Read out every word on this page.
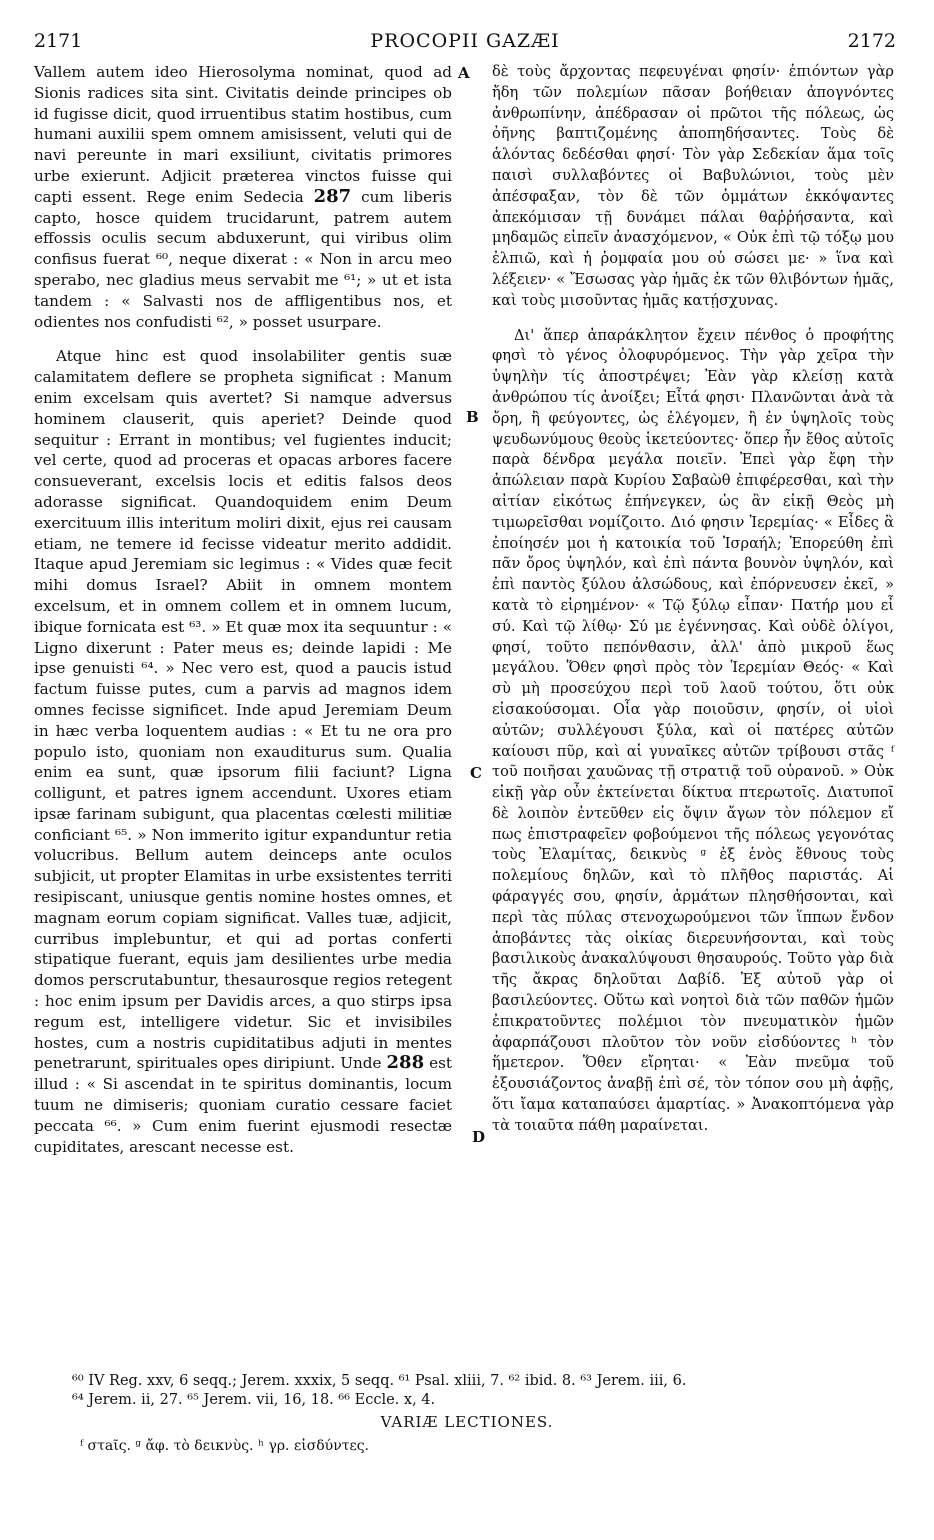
2171	PROCOPII GAZÆI	2172

Vallem autem ideo Hierosolyma nominat, quod ad Sionis radices sita sint. Civitatis deinde principes ob id fugisse dicit, quod irruentibus statim hostibus, cum humani auxilii spem omnem amisissent, veluti qui de navi pereunte in mari exsiliunt, civitatis primores urbe exierunt. Adjicit præterea vinctos fuisse qui capti essent. Rege enim Sedecia 287 cum liberis capto, hosce quidem trucidarunt, patrem autem effossis oculis secum abduxerunt, qui viribus olim confisus fuerat ⁶⁰, neque dixerat : « Non in arcu meo sperabo, nec gladius meus servabit me ⁶¹; » ut et ista tandem : « Salvasti nos de affligentibus nos, et odientes nos confudisti ⁶², » posset usurpare.

Atque hinc est quod insolabiliter gentis suæ calamitatem deflere se propheta significat : Manum enim excelsam quis avertet? Si namque adversus hominem clauserit, quis aperiet? Deinde quod sequitur : Errant in montibus; vel fugientes inducit; vel certe, quod ad proceras et opacas arbores facere consueverant, excelsis locis et editis falsos deos adorasse significat. Quandoquidem enim Deum exercituum illis interitum moliri dixit, ejus rei causam etiam, ne temere id fecisse videatur merito addidit. Itaque apud Jeremiam sic legimus : « Vides quæ fecit mihi domus Israel? Abiit in omnem montem excelsum, et in omnem collem et in omnem lucum, ibique fornicata est ⁶³. » Et quæ mox ita sequuntur : « Ligno dixerunt : Pater meus es; deinde lapidi : Me ipse genuisti ⁶⁴. » Nec vero est, quod a paucis istud factum fuisse putes, cum a parvis ad magnos idem omnes fecisse significet. Inde apud Jeremiam Deum in hæc verba loquentem audias : « Et tu ne ora pro populo isto, quoniam non exauditurus sum. Qualia enim ea sunt, quæ ipsorum filii faciunt? Ligna colligunt, et patres ignem accendunt. Uxores etiam ipsæ farinam subigunt, qua placentas cœlesti militiæ conficiant ⁶⁵. » Non immerito igitur expanduntur retia volucribus. Bellum autem deinceps ante oculos subjicit, ut propter Elamitas in urbe exsistentes territi resipiscant, uniusque gentis nomine hostes omnes, et magnam eorum copiam significat. Valles tuæ, adjicit, curribus implebuntur, et qui ad portas conferti stipatique fuerant, equis jam desilientes urbe media domos perscrutabuntur, thesaurosque regios retegent : hoc enim ipsum per Davidis arces, a quo stirps ipsa regum est, intelligere videtur. Sic et invisibiles hostes, cum a nostris cupiditatibus adjuti in mentes penetrarunt, spirituales opes diripiunt. Unde 288 est illud : « Si ascendat in te spiritus dominantis, locum tuum ne dimiseris; quoniam curatio cessare faciet peccata ⁶⁶. » Cum enim fuerint ejusmodi resectæ cupiditates, arescant necesse est.

A
B
C
D

δὲ τοὺς ἄρχοντας πεφευγέναι φησίν· ἐπιόντων γὰρ ἤδη τῶν πολεμίων πᾶσαν βοήθειαν ἀπογνόντες ἀνθρωπίνην, ἀπέδρασαν οἱ πρῶτοι τῆς πόλεως, ὡς ὀῆνης βαπτιζομένης ἀποπηδήσαντες. Τοὺς δὲ ἁλόντας δεδέσθαι φησί· Τὸν γὰρ Σεδεκίαν ἅμα τοῖς παισὶ συλλαβόντες οἱ Βαβυλώνιοι, τοὺς μὲν ἀπέσφαξαν, τὸν δὲ τῶν ὀμμάτων ἐκκόψαντες ἀπεκόμισαν τῇ δυνάμει πάλαι θαῤῥήσαντα, καὶ μηδαμῶς εἰπεῖν ἀνασχόμενον, « Οὐκ ἐπὶ τῷ τόξῳ μου ἐλπιῶ, καὶ ἡ ῥομφαία μου οὐ σώσει με· » ἵνα καὶ λέξειεν· « Ἔσωσας γὰρ ἡμᾶς ἐκ τῶν θλιβόντων ἡμᾶς, καὶ τοὺς μισοῦντας ἡμᾶς κατῄσχυνας.

Δι' ἅπερ ἀπαράκλητον ἔχειν πένθος ὁ προφήτης φησὶ τὸ γένος ὀλοφυρόμενος. Τὴν γὰρ χεῖρα τὴν ὑψηλὴν τίς ἀποστρέψει; Ἐὰν γὰρ κλείσῃ κατὰ ἀνθρώπου τίς ἀνοίξει; Εἶτά φησι· Πλανῶνται ἀνὰ τὰ ὄρη, ἢ φεύγοντες, ὡς ἐλέγομεν, ἢ ἐν ὑψηλοῖς τοὺς ψευδωνύμους θεοὺς ἱκετεύοντες· ὅπερ ἦν ἔθος αὐτοῖς παρὰ δένδρα μεγάλα ποιεῖν. Ἐπεὶ γὰρ ἔφη τὴν ἀπώλειαν παρὰ Κυρίου Σαβαὼθ ἐπιφέρεσθαι, καὶ τὴν αἰτίαν εἰκότως ἐπήνεγκεν, ὡς ἂν εἰκῇ Θεὸς μὴ τιμωρεῖσθαι νομίζοιτο. Διό φησιν Ἱερεμίας· « Εἶδες ἃ ἐποίησέν μοι ἡ κατοικία τοῦ Ἰσραήλ; Ἐπορεύθη ἐπὶ πᾶν ὄρος ὑψηλόν, καὶ ἐπὶ πάντα βουνὸν ὑψηλόν, καὶ ἐπὶ παντὸς ξύλου ἀλσώδους, καὶ ἐπόρνευσεν ἐκεῖ, » κατὰ τὸ εἰρημένον· « Τῷ ξύλῳ εἶπαν· Πατήρ μου εἶ σύ. Καὶ τῷ λίθῳ· Σύ με ἐγέννησας. Καὶ οὐδὲ ὀλίγοι, φησί, τοῦτο πεπόνθασιν, ἀλλ' ἀπὸ μικροῦ ἕως μεγάλου. Ὅθεν φησὶ πρὸς τὸν Ἱερεμίαν Θεός· « Καὶ σὺ μὴ προσεύχου περὶ τοῦ λαοῦ τούτου, ὅτι οὐκ εἰσακούσομαι. Οἷα γὰρ ποιοῦσιν, φησίν, οἱ υἱοὶ αὐτῶν; συλλέγουσι ξύλα, καὶ οἱ πατέρες αὐτῶν καίουσι πῦρ, καὶ αἱ γυναῖκες αὐτῶν τρίβουσι στᾶς ᶠ τοῦ ποιῆσαι χαυῶνας τῇ στρατιᾷ τοῦ οὐρανοῦ. » Οὐκ εἰκῇ γὰρ οὖν ἐκτείνεται δίκτυα πτερωτοῖς. Διατυποῖ δὲ λοιπὸν ἐντεῦθεν εἰς ὄψιν ἄγων τὸν πόλεμον εἴ πως ἐπιστραφεῖεν φοβούμενοι τῆς πόλεως γεγονότας τοὺς Ἐλαμίτας, δεικνὺς ᵍ ἐξ ἑνὸς ἔθνους τοὺς πολεμίους δηλῶν, καὶ τὸ πλῆθος παριστάς. Αἱ φάραγγές σου, φησίν, ἁρμάτων πλησθήσονται, καὶ περὶ τὰς πύλας στενοχωρούμενοι τῶν ἵππων ἔνδον ἀποβάντες τὰς οἰκίας διερευνήσονται, καὶ τοὺς βασιλικοὺς ἀνακαλύψουσι θησαυρούς. Τοῦτο γὰρ διὰ τῆς ἄκρας δηλοῦται Δαβίδ. Ἐξ αὐτοῦ γὰρ οἱ βασιλεύοντες. Οὕτω καὶ νοητοὶ διὰ τῶν παθῶν ἡμῶν ἐπικρατοῦντες πολέμιοι τὸν πνευματικὸν ἡμῶν ἀφαρπάζουσι πλοῦτον τὸν νοῦν εἰσδύοντες ʰ τὸν ἥμετερον. Ὅθεν εἴρηται· « Ἐὰν πνεῦμα τοῦ ἐξουσιάζοντος ἀναβῇ ἐπὶ σέ, τὸν τόπον σου μὴ ἀφῇς, ὅτι ἴαμα καταπαύσει ἁμαρτίας. » Ἀνακοπτόμενα γὰρ τὰ τοιαῦτα πάθη μαραίνεται.

⁶⁰ IV Reg. xxv, 6 seqq.; Jerem. xxxix, 5 seqq. ⁶¹ Psal. xliii, 7. ⁶² ibid. 8. ⁶³ Jerem. iii, 6.
⁶⁴ Jerem. ii, 27. ⁶⁵ Jerem. vii, 16, 18. ⁶⁶ Eccle. x, 4.
VARIÆ LECTIONES.
ᶠ στaῖς. ᵍ ἄφ. τὸ δεικνὺς. ʰ γρ. εἰσδύντες.
